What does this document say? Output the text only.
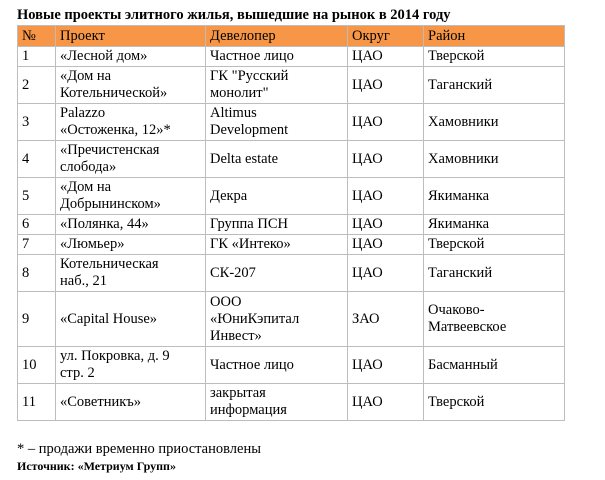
Новые проекты элитного жилья, вышедшие на рынок в 2014 году
№	Проект	Девелопер	Округ	Район
1	«Лесной дом»	Частное лицо	ЦАО	Тверской
2	«Дом на
Котельнической»	ГК "Русский
монолит"	ЦАО	Таганский
3	Palazzo
«Остоженка, 12»*	Altimus
Development	ЦАО	Хамовники
4	«Пречистенская
слобода»	Delta estate	ЦАО	Хамовники
5	«Дом на
Добрынинском»	Декра	ЦАО	Якиманка
6	«Полянка, 44»	Группа ПСН	ЦАО	Якиманка
7	«Люмьер»	ГК «Интеко»	ЦАО	Тверской
8	Котельническая
наб., 21	СК-207	ЦАО	Таганский
9	«Capital House»	ООО
«ЮниКэпитал
Инвест»	ЗАО	Очаково-
Матвеевское
10	ул. Покровка, д. 9
стр. 2	Частное лицо	ЦАО	Басманный
11	«Советникъ»	закрытая
информация	ЦАО	Тверской
* – продажи временно приостановлены
Источник: «Метриум Групп»
